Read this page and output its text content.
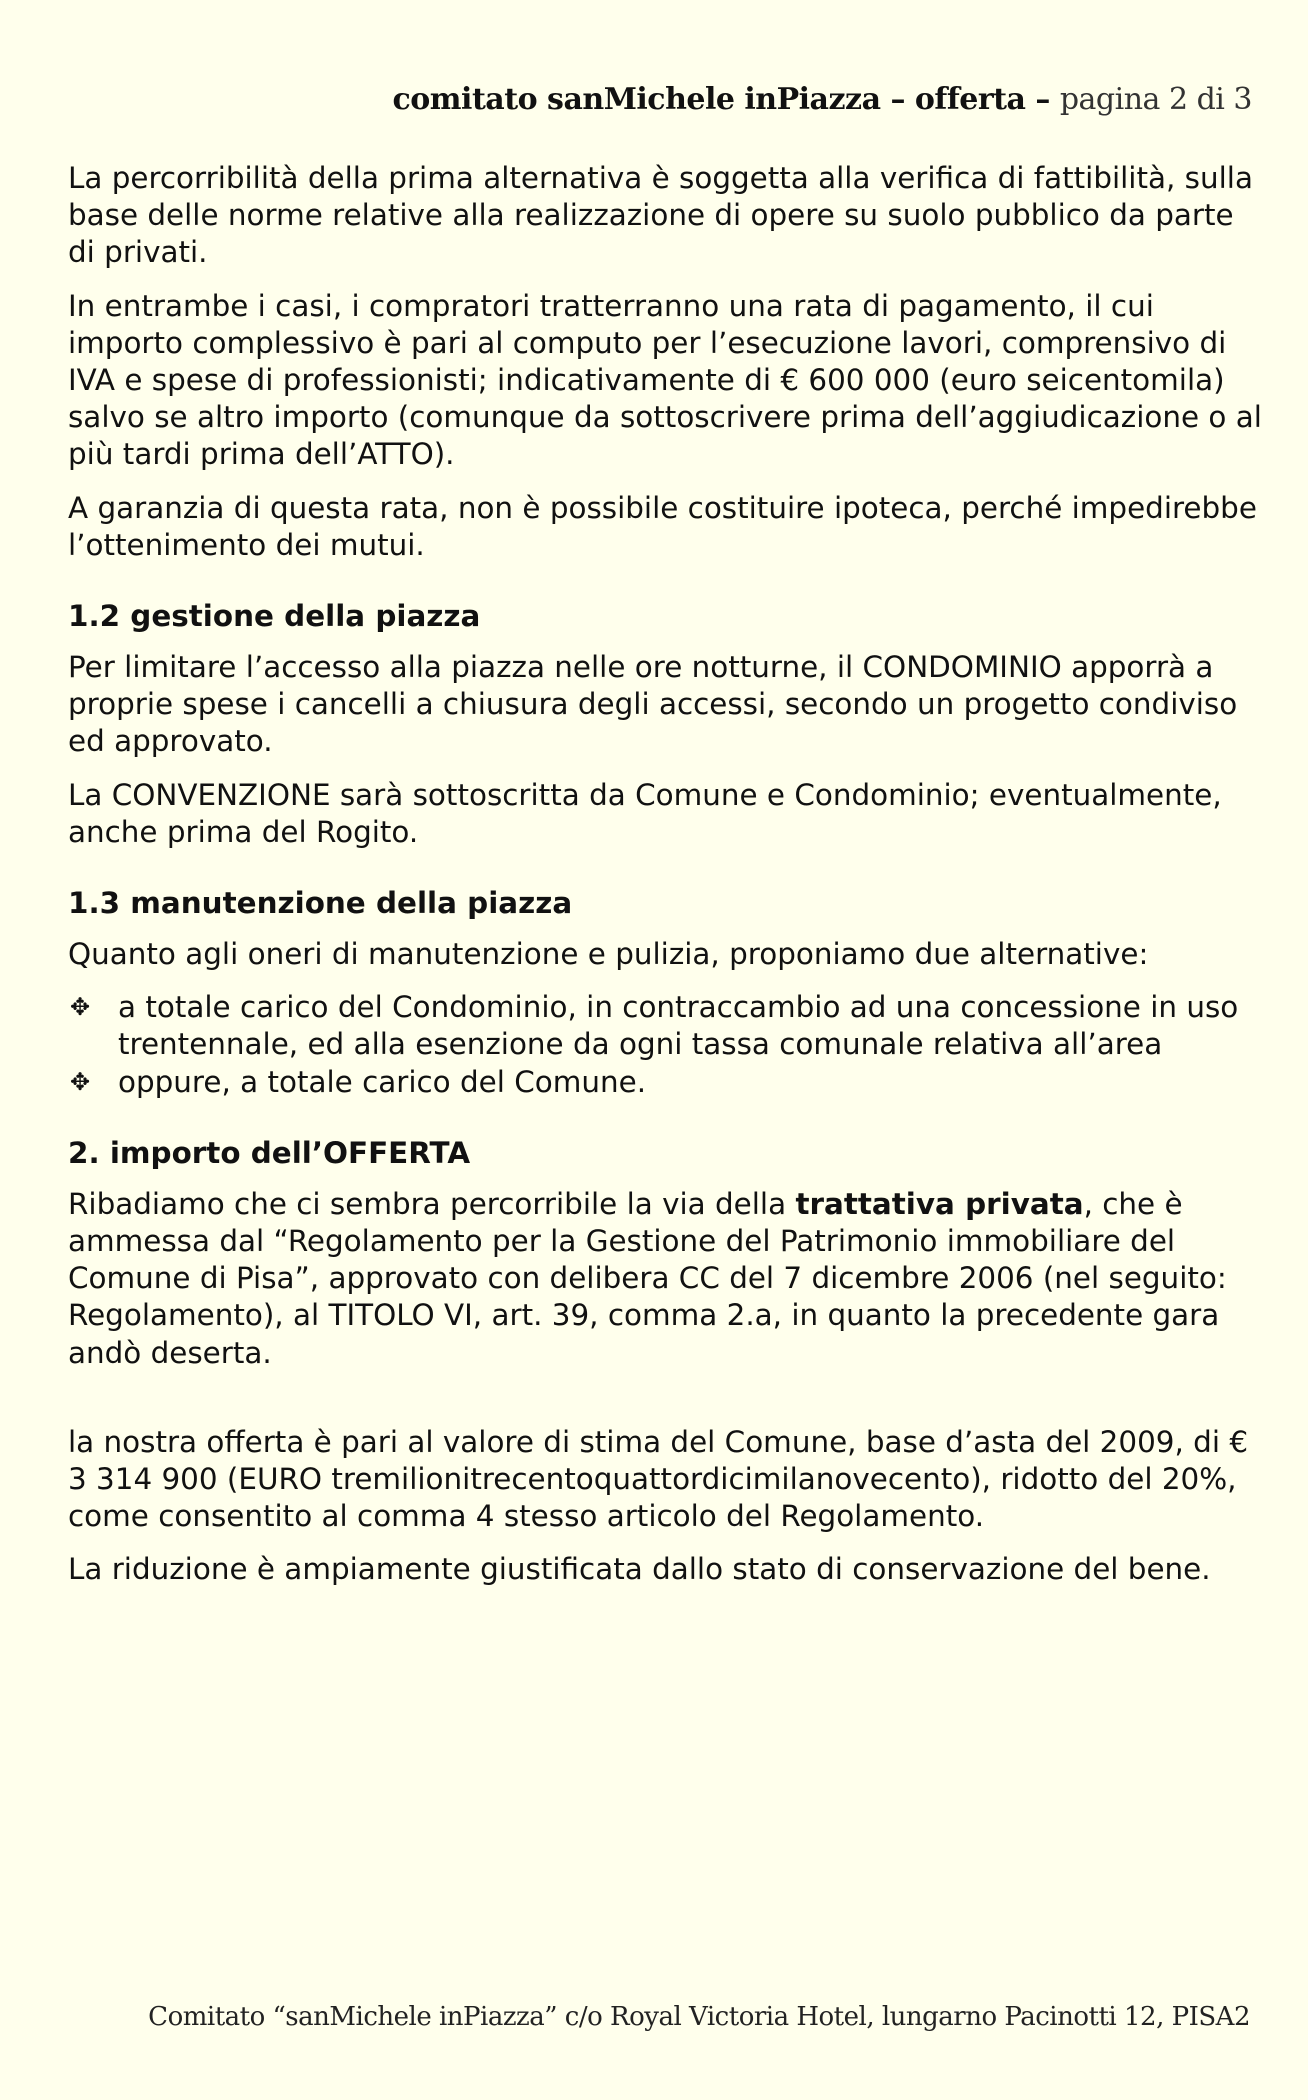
comitato sanMichele inPiazza – offerta – pagina 2 di 3

La percorribilità della prima alternativa è soggetta alla verifica di fattibilità, sulla base delle norme relative alla realizzazione di opere su suolo pubblico da parte di privati.

In entrambe i casi, i compratori tratterranno una rata di pagamento, il cui importo complessivo è pari al computo per l’esecuzione lavori, comprensivo di IVA e spese di professionisti; indicativamente di € 600 000 (euro seicentomila) salvo se altro importo (comunque da sottoscrivere prima dell’aggiudicazione o al più tardi prima dell’ATTO).

A garanzia di questa rata, non è possibile costituire ipoteca, perché impedirebbe l’ottenimento dei mutui.

1.2 gestione della piazza

Per limitare l’accesso alla piazza nelle ore notturne, il CONDOMINIO apporrà a proprie spese i cancelli a chiusura degli accessi, secondo un progetto condiviso ed approvato.

La CONVENZIONE sarà sottoscritta da Comune e Condominio; eventualmente, anche prima del Rogito.

1.3 manutenzione della piazza

Quanto agli oneri di manutenzione e pulizia, proponiamo due alternative:

✥ a totale carico del Condominio, in contraccambio ad una concessione in uso trentennale, ed alla esenzione da ogni tassa comunale relativa all’area
✥ oppure, a totale carico del Comune.
2. importo dell’OFFERTA

Ribadiamo che ci sembra percorribile la via della trattativa privata, che è ammessa dal “Regolamento per la Gestione del Patrimonio immobiliare del Comune di Pisa”, approvato con delibera CC del 7 dicembre 2006 (nel seguito: Regolamento), al TITOLO VI, art. 39, comma 2.a, in quanto la precedente gara andò deserta.

la nostra offerta è pari al valore di stima del Comune, base d’asta del 2009, di € 3 314 900 (EURO tremilionitrecentoquattordicimilanovecento), ridotto del 20%, come consentito al comma 4 stesso articolo del Regolamento.

La riduzione è ampiamente giustificata dallo stato di conservazione del bene.

Comitato “sanMichele inPiazza” c/o Royal Victoria Hotel, lungarno Pacinotti 12, PISA2
